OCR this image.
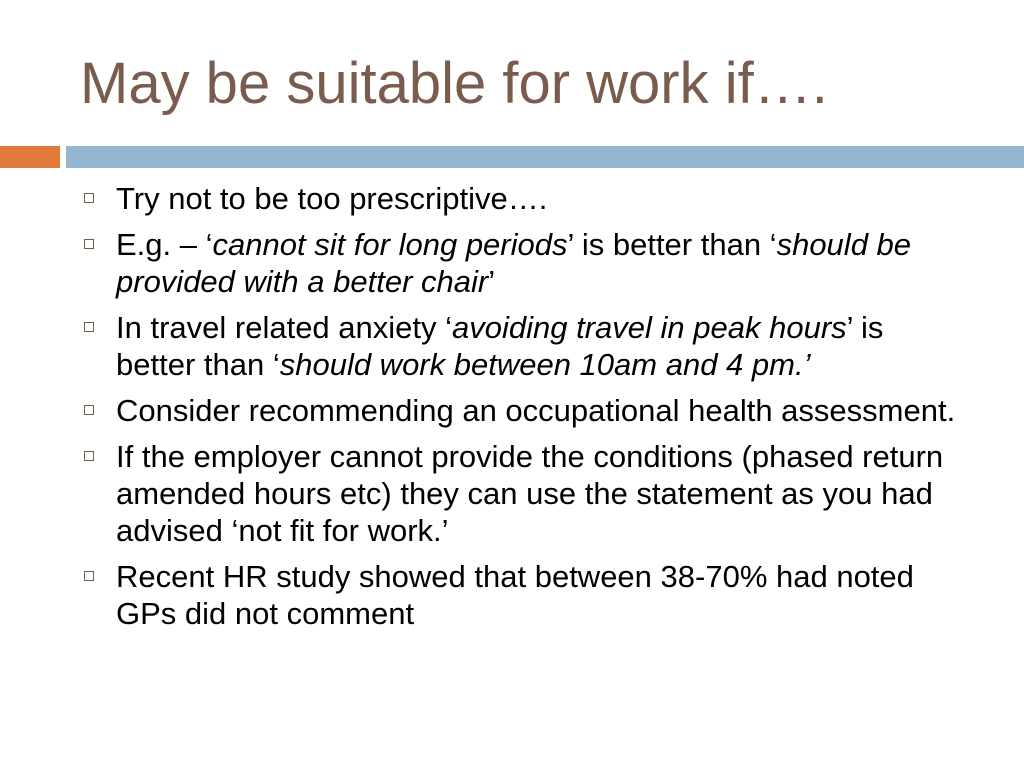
May be suitable for work if….
Try not to be too prescriptive….
E.g. – ‘cannot sit for long periods’ is better than ‘should be provided with a better chair’
In travel related anxiety ‘avoiding travel in peak hours’ is better than ‘should work between 10am and 4 pm.’
Consider recommending an occupational health assessment.
If the employer cannot provide the conditions (phased return amended hours etc) they can use the statement as you had advised ‘not fit for work.’
Recent HR study showed that between 38-70% had noted GPs did not comment
